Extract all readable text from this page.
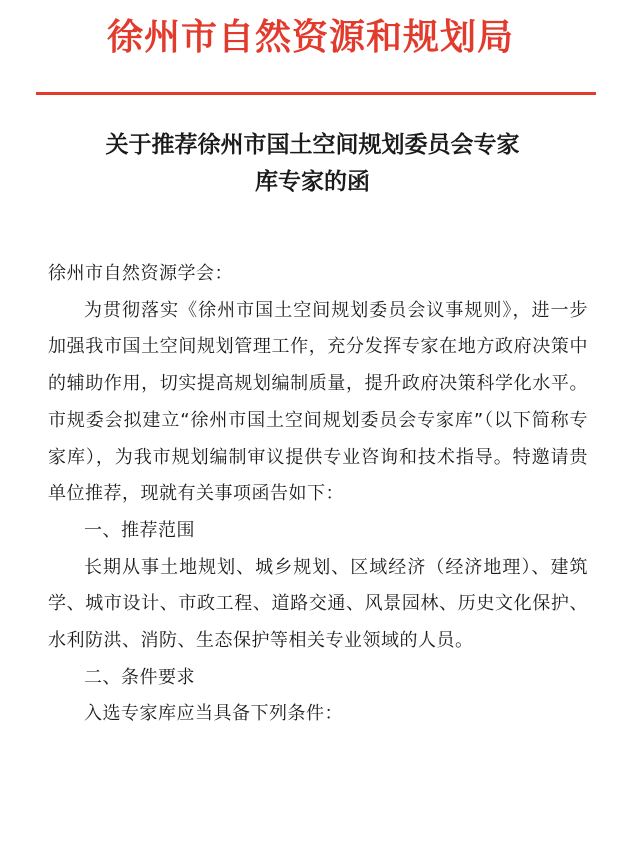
徐州市自然资源和规划局
关于推荐徐州市国土空间规划委员会专家
库专家的函

徐州市自然资源学会：

为贯彻落实《徐州市国土空间规划委员会议事规则》，进一步加强我市国土空间规划管理工作，充分发挥专家在地方政府决策中的辅助作用，切实提高规划编制质量，提升政府决策科学化水平。市规委会拟建立“徐州市国土空间规划委员会专家库”（以下简称专家库），为我市规划编制审议提供专业咨询和技术指导。特邀请贵单位推荐，现就有关事项函告如下：

一、推荐范围

长期从事土地规划、城乡规划、区域经济（经济地理）、建筑学、城市设计、市政工程、道路交通、风景园林、历史文化保护、水利防洪、消防、生态保护等相关专业领域的人员。

二、条件要求

入选专家库应当具备下列条件：
